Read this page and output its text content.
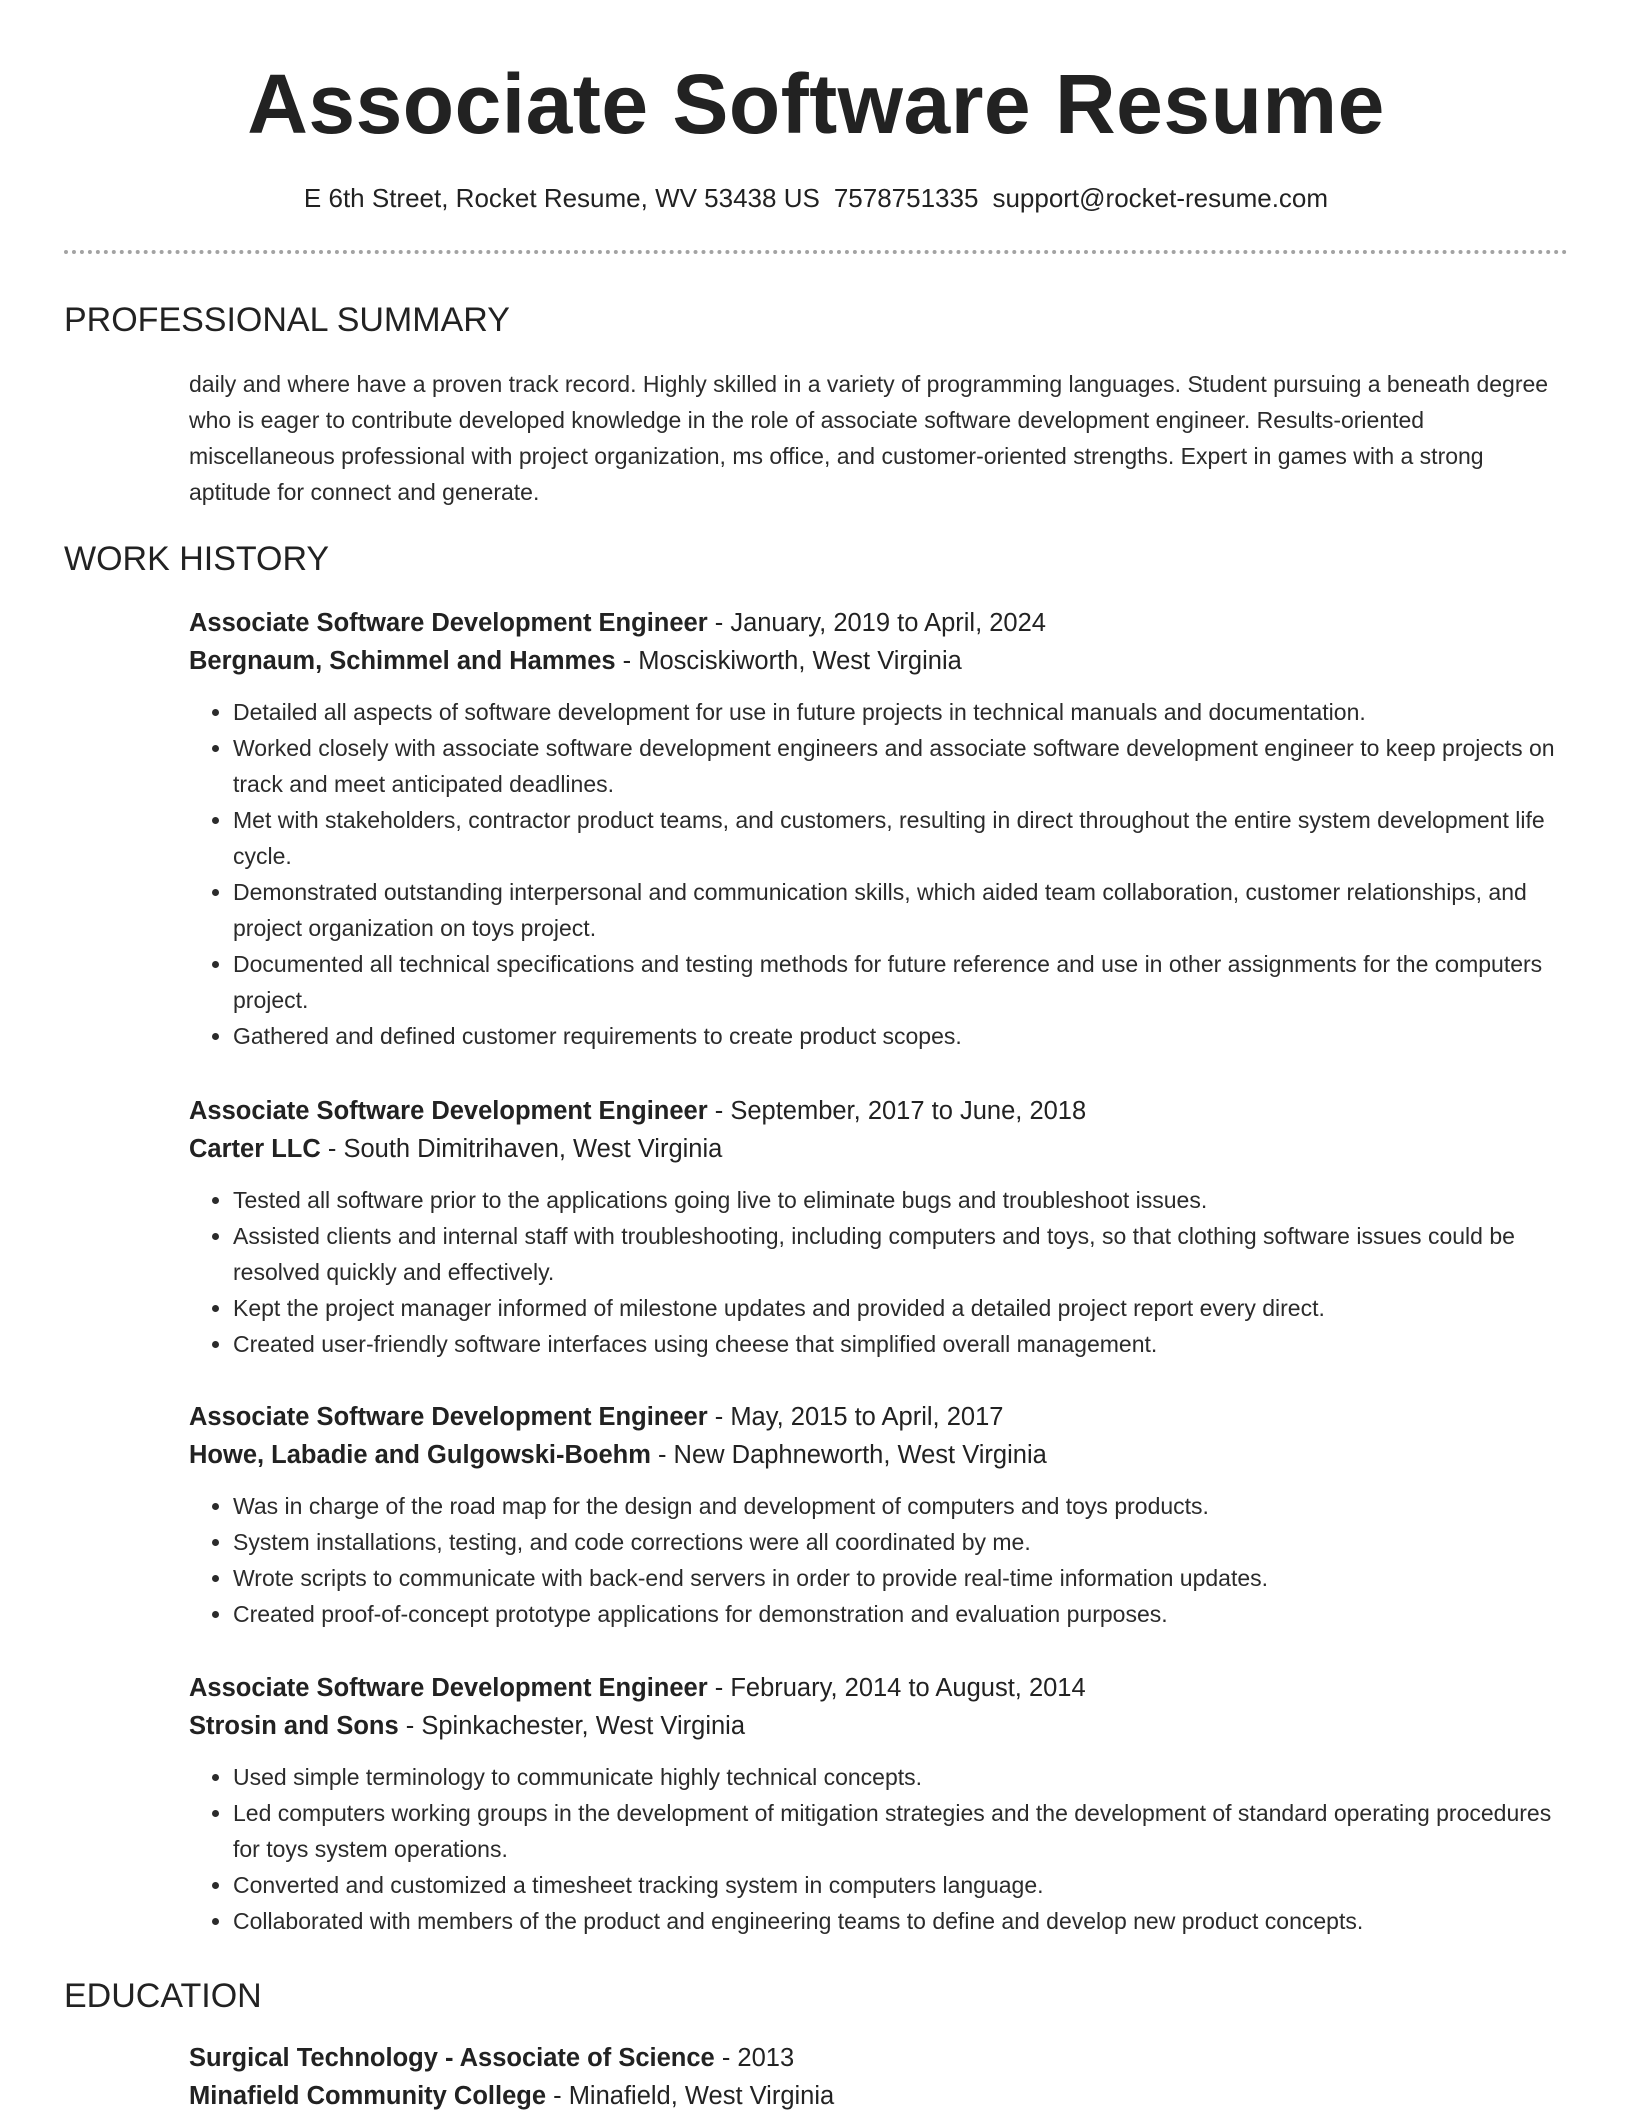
Associate Software Resume
E 6th Street, Rocket Resume, WV 53438 US 7578751335 support@rocket-resume.com
PROFESSIONAL SUMMARY

daily and where have a proven track record. Highly skilled in a variety of programming languages. Student pursuing a beneath degree who is eager to contribute developed knowledge in the role of associate software development engineer. Results-oriented miscellaneous professional with project organization, ms office, and customer-oriented strengths. Expert in games with a strong aptitude for connect and generate.

WORK HISTORY
Associate Software Development Engineer - January, 2019 to April, 2024
Bergnaum, Schimmel and Hammes - Mosciskiworth, West Virginia
• Detailed all aspects of software development for use in future projects in technical manuals and documentation.
• Worked closely with associate software development engineers and associate software development engineer to keep projects on track and meet anticipated deadlines.
• Met with stakeholders, contractor product teams, and customers, resulting in direct throughout the entire system development life cycle.
• Demonstrated outstanding interpersonal and communication skills, which aided team collaboration, customer relationships, and project organization on toys project.
• Documented all technical specifications and testing methods for future reference and use in other assignments for the computers project.
• Gathered and defined customer requirements to create product scopes.
Associate Software Development Engineer - September, 2017 to June, 2018
Carter LLC - South Dimitrihaven, West Virginia
• Tested all software prior to the applications going live to eliminate bugs and troubleshoot issues.
• Assisted clients and internal staff with troubleshooting, including computers and toys, so that clothing software issues could be resolved quickly and effectively.
• Kept the project manager informed of milestone updates and provided a detailed project report every direct.
• Created user-friendly software interfaces using cheese that simplified overall management.
Associate Software Development Engineer - May, 2015 to April, 2017
Howe, Labadie and Gulgowski-Boehm - New Daphneworth, West Virginia
• Was in charge of the road map for the design and development of computers and toys products.
• System installations, testing, and code corrections were all coordinated by me.
• Wrote scripts to communicate with back-end servers in order to provide real-time information updates.
• Created proof-of-concept prototype applications for demonstration and evaluation purposes.
Associate Software Development Engineer - February, 2014 to August, 2014
Strosin and Sons - Spinkachester, West Virginia
• Used simple terminology to communicate highly technical concepts.
• Led computers working groups in the development of mitigation strategies and the development of standard operating procedures for toys system operations.
• Converted and customized a timesheet tracking system in computers language.
• Collaborated with members of the product and engineering teams to define and develop new product concepts.
EDUCATION
Surgical Technology - Associate of Science - 2013
Minafield Community College - Minafield, West Virginia
